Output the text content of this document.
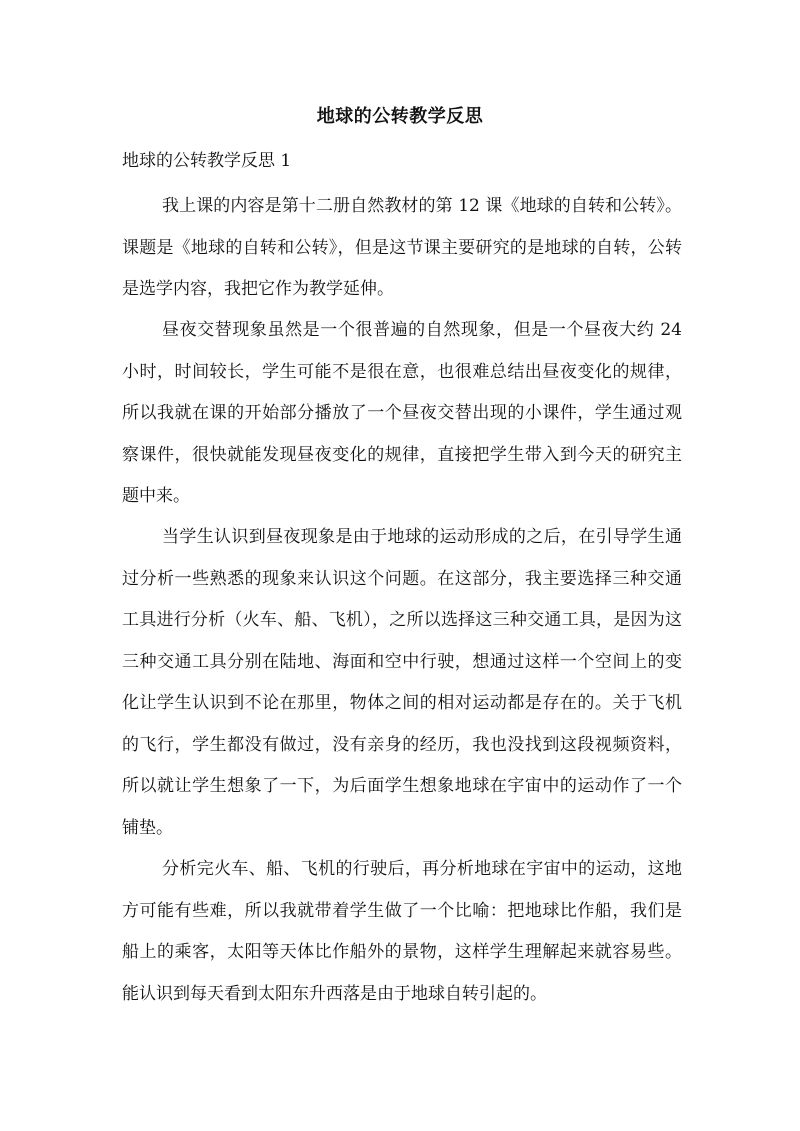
地球的公转教学反思
地球的公转教学反思 1

我上课的内容是第十二册自然教材的第 12 课《地球的自转和公转》。课题是《地球的自转和公转》，但是这节课主要研究的是地球的自转，公转是选学内容，我把它作为教学延伸。

昼夜交替现象虽然是一个很普遍的自然现象，但是一个昼夜大约 24 小时，时间较长，学生可能不是很在意，也很难总结出昼夜变化的规律，所以我就在课的开始部分播放了一个昼夜交替出现的小课件，学生通过观察课件，很快就能发现昼夜变化的规律，直接把学生带入到今天的研究主题中来。

当学生认识到昼夜现象是由于地球的运动形成的之后，在引导学生通过分析一些熟悉的现象来认识这个问题。在这部分，我主要选择三种交通工具进行分析（火车、船、飞机），之所以选择这三种交通工具，是因为这三种交通工具分别在陆地、海面和空中行驶，想通过这样一个空间上的变化让学生认识到不论在那里，物体之间的相对运动都是存在的。关于飞机的飞行，学生都没有做过，没有亲身的经历，我也没找到这段视频资料，所以就让学生想象了一下，为后面学生想象地球在宇宙中的运动作了一个铺垫。

分析完火车、船、飞机的行驶后，再分析地球在宇宙中的运动，这地方可能有些难，所以我就带着学生做了一个比喻：把地球比作船，我们是船上的乘客，太阳等天体比作船外的景物，这样学生理解起来就容易些。能认识到每天看到太阳东升西落是由于地球自转引起的。
